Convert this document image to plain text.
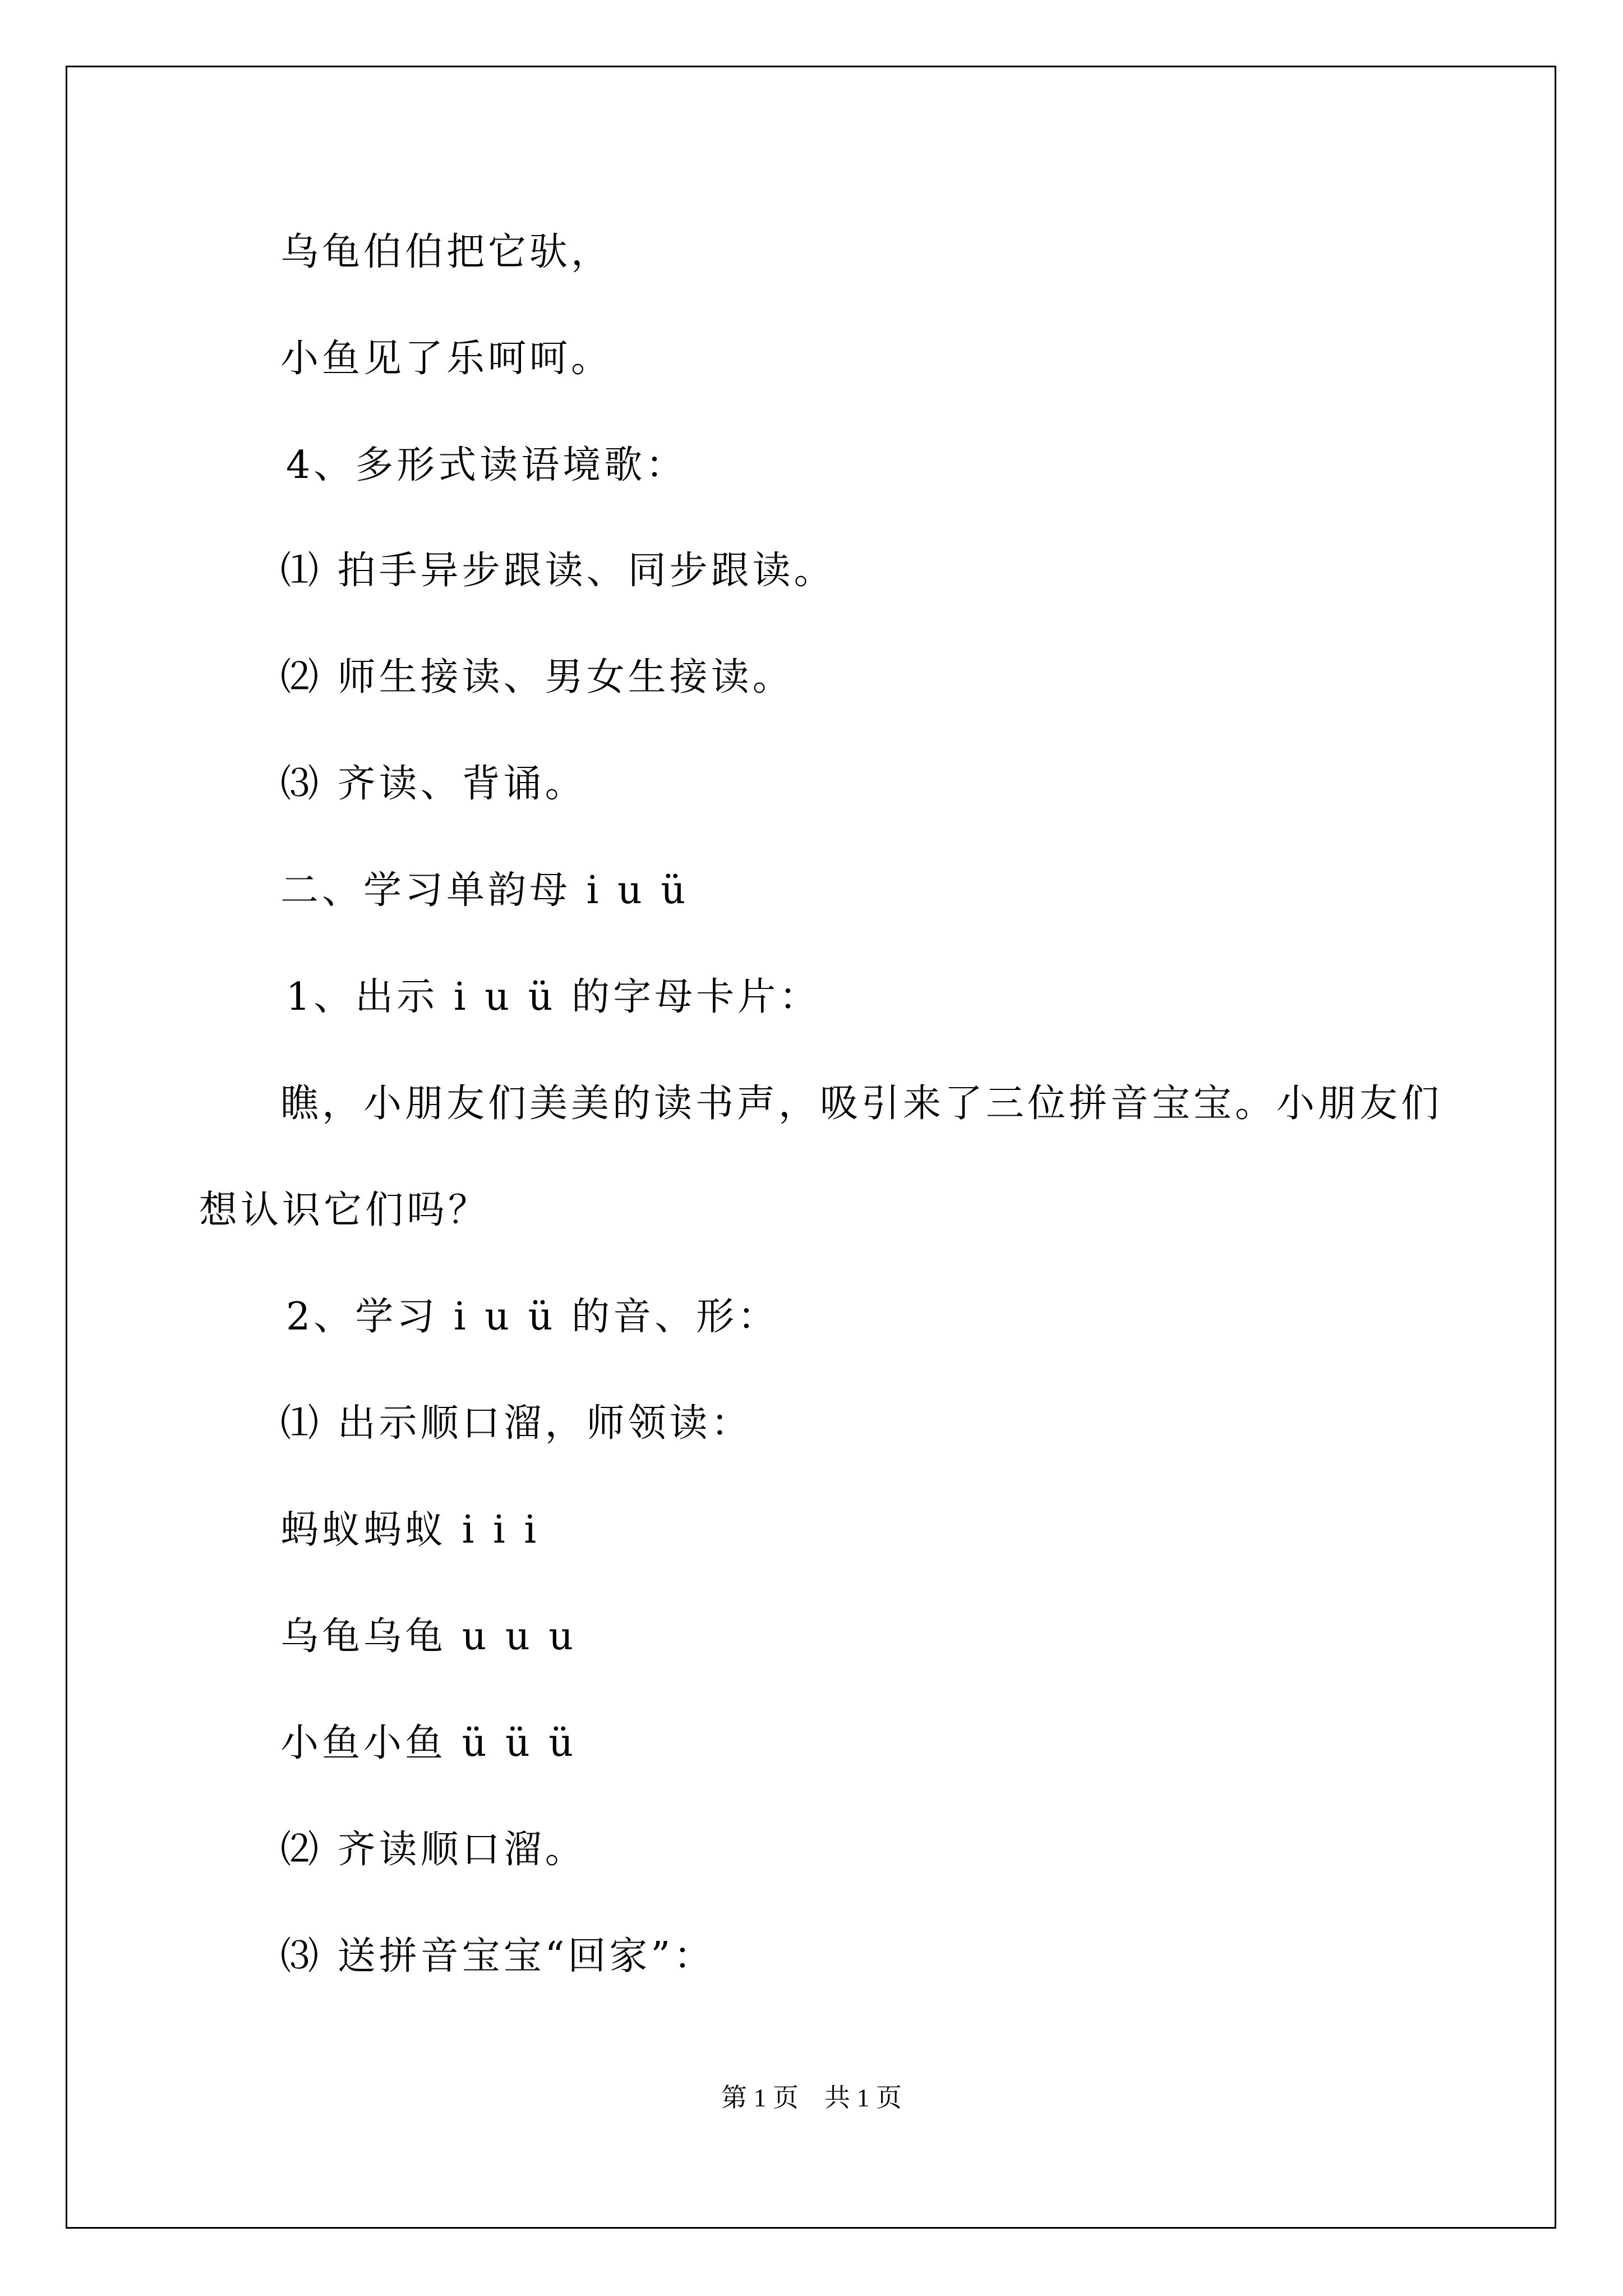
乌龟伯伯把它驮，
小鱼见了乐呵呵。
4、多形式读语境歌：
⑴ 拍手异步跟读、同步跟读。
⑵ 师生接读、男女生接读。
⑶ 齐读、背诵。
二、学习单韵母 i u ü
1、出示 i u ü 的字母卡片：
瞧，小朋友们美美的读书声，吸引来了三位拼音宝宝。小朋友们
想认识它们吗？
2、学习 i u ü 的音、形：
⑴ 出示顺口溜，师领读：
蚂蚁蚂蚁 i i i
乌龟乌龟 u u u
小鱼小鱼 ü ü ü
⑵ 齐读顺口溜。
⑶ 送拼音宝宝“回家”：
第 1 页　共 1 页
